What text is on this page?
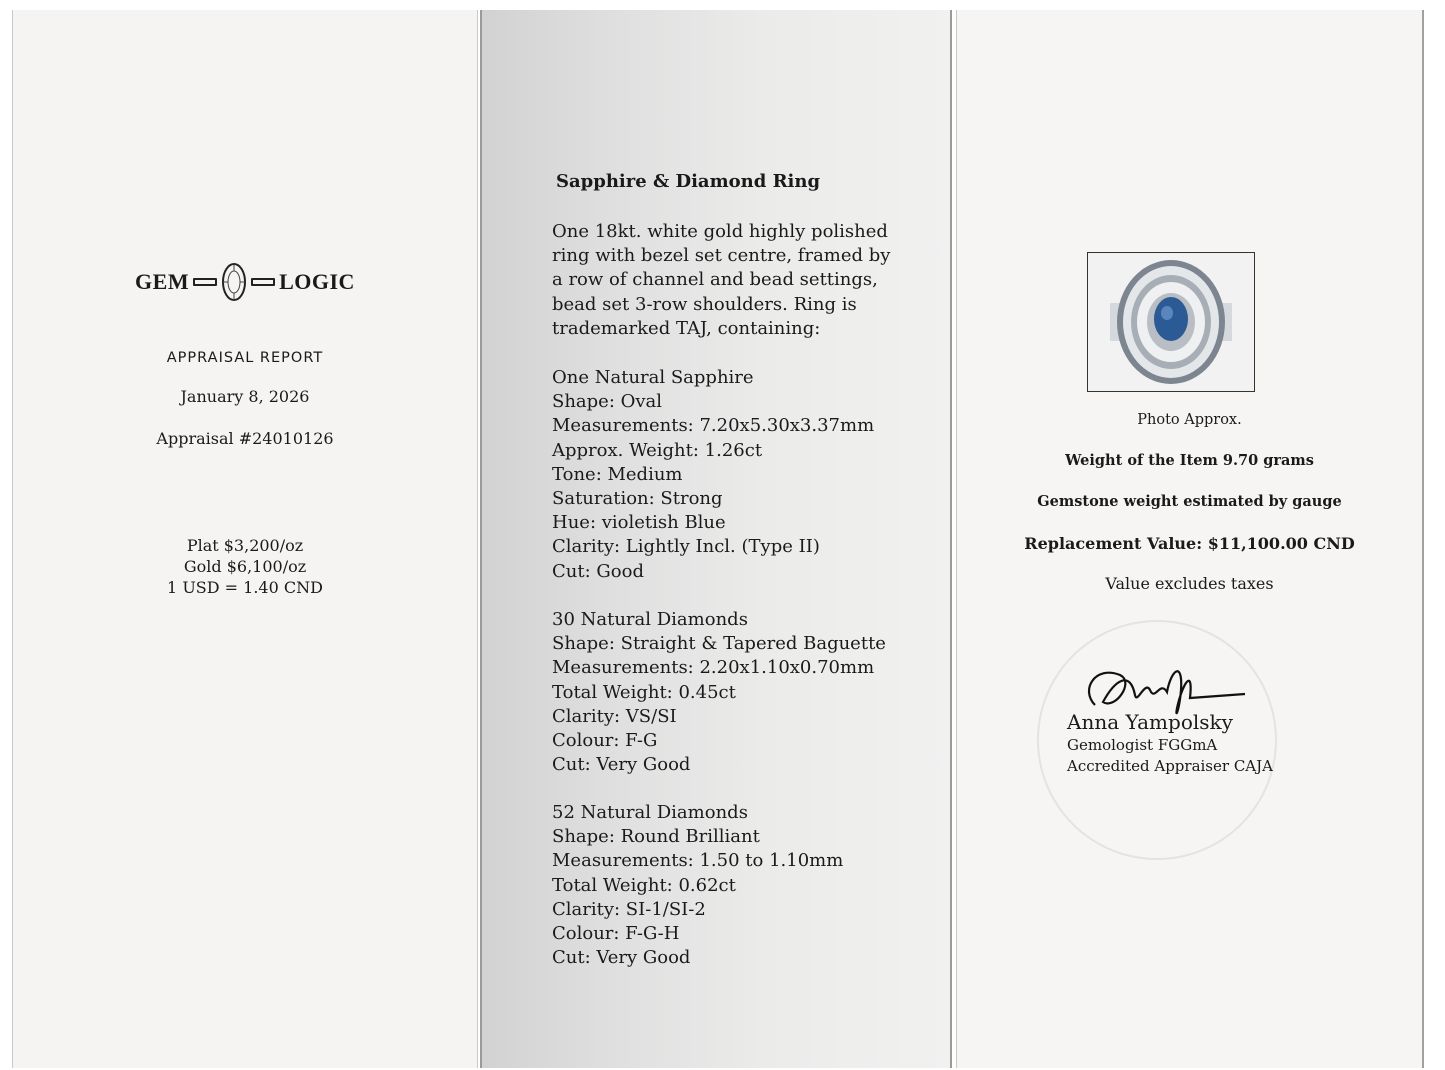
GEM	LOGIC
APPRAISAL REPORT
January 8, 2026
Appraisal #24010126
Plat $3,200/oz
Gold $6,100/oz
1 USD = 1.40 CND
Sapphire & Diamond Ring
One 18kt. white gold highly polished
ring with bezel set centre, framed by
a row of channel and bead settings,
bead set 3-row shoulders. Ring is
trademarked TAJ, containing:
One Natural Sapphire
Shape: Oval
Measurements: 7.20x5.30x3.37mm
Approx. Weight: 1.26ct
Tone: Medium
Saturation: Strong
Hue: violetish Blue
Clarity: Lightly Incl. (Type II)
Cut: Good
30 Natural Diamonds
Shape: Straight & Tapered Baguette
Measurements: 2.20x1.10x0.70mm
Total Weight: 0.45ct
Clarity: VS/SI
Colour: F-G
Cut: Very Good
52 Natural Diamonds
Shape: Round Brilliant
Measurements: 1.50 to 1.10mm
Total Weight: 0.62ct
Clarity: SI-1/SI-2
Colour: F-G-H
Cut: Very Good
Photo Approx.
Weight of the Item 9.70 grams
Gemstone weight estimated by gauge
Replacement Value: $11,100.00 CND
Value excludes taxes
Anna Yampolsky
Gemologist FGGmA
Accredited Appraiser CAJA
